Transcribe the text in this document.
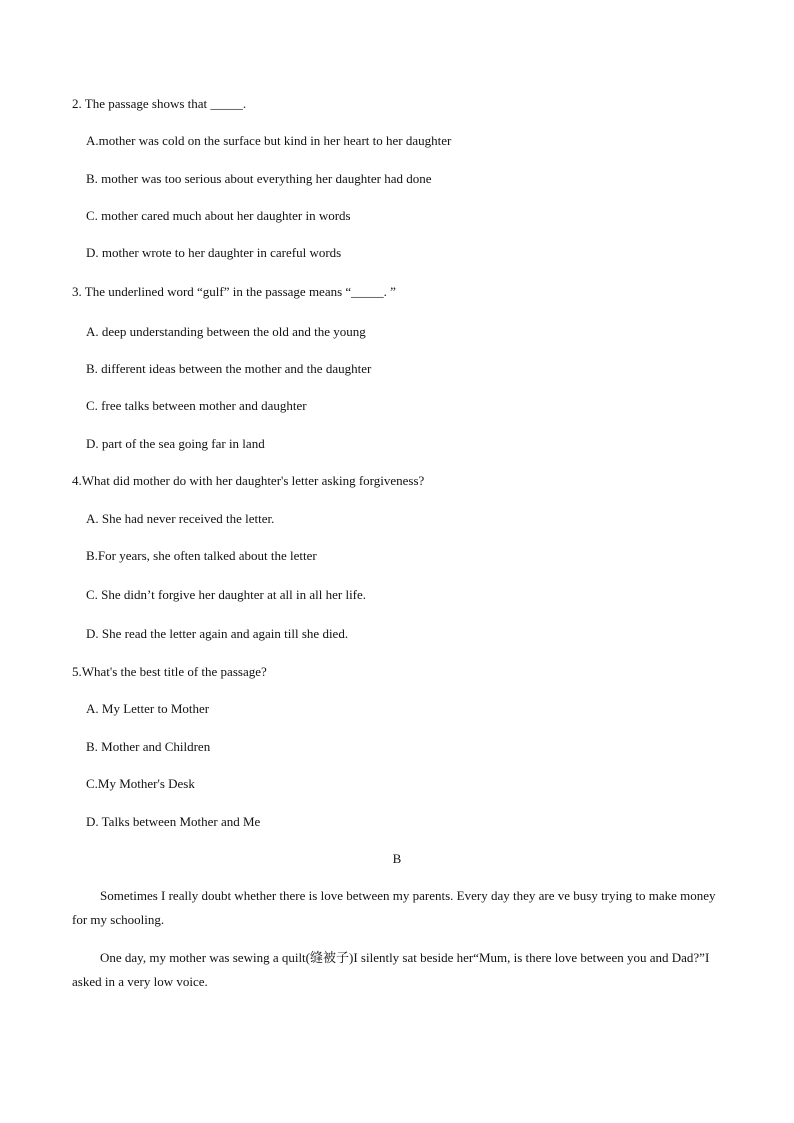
2. The passage shows that _____.
A.mother was cold on the surface but kind in her heart to her daughter
B. mother was too serious about everything her daughter had done
C. mother cared much about her daughter in words
D. mother wrote to her daughter in careful words
3. The underlined word “gulf” in the passage means “_____. ”
A. deep understanding between the old and the young
B. different ideas between the mother and the daughter
C. free talks between mother and daughter
D. part of the sea going far in land
4.What did mother do with her daughter's letter asking forgiveness?
A. She had never received the letter.
B.For years, she often talked about the letter
C. She didn’t forgive her daughter at all in all her life.
D. She read the letter again and again till she died.
5.What's the best title of the passage?
A. My Letter to Mother
B. Mother and Children
C.My Mother's Desk
D. Talks between Mother and Me
B
Sometimes I really doubt whether there is love between my parents. Every day they are ve busy trying to make money for my schooling.
One day, my mother was sewing a quilt(缝被子)I silently sat beside her“Mum, is there love between you and Dad?”I asked in a very low voice.
